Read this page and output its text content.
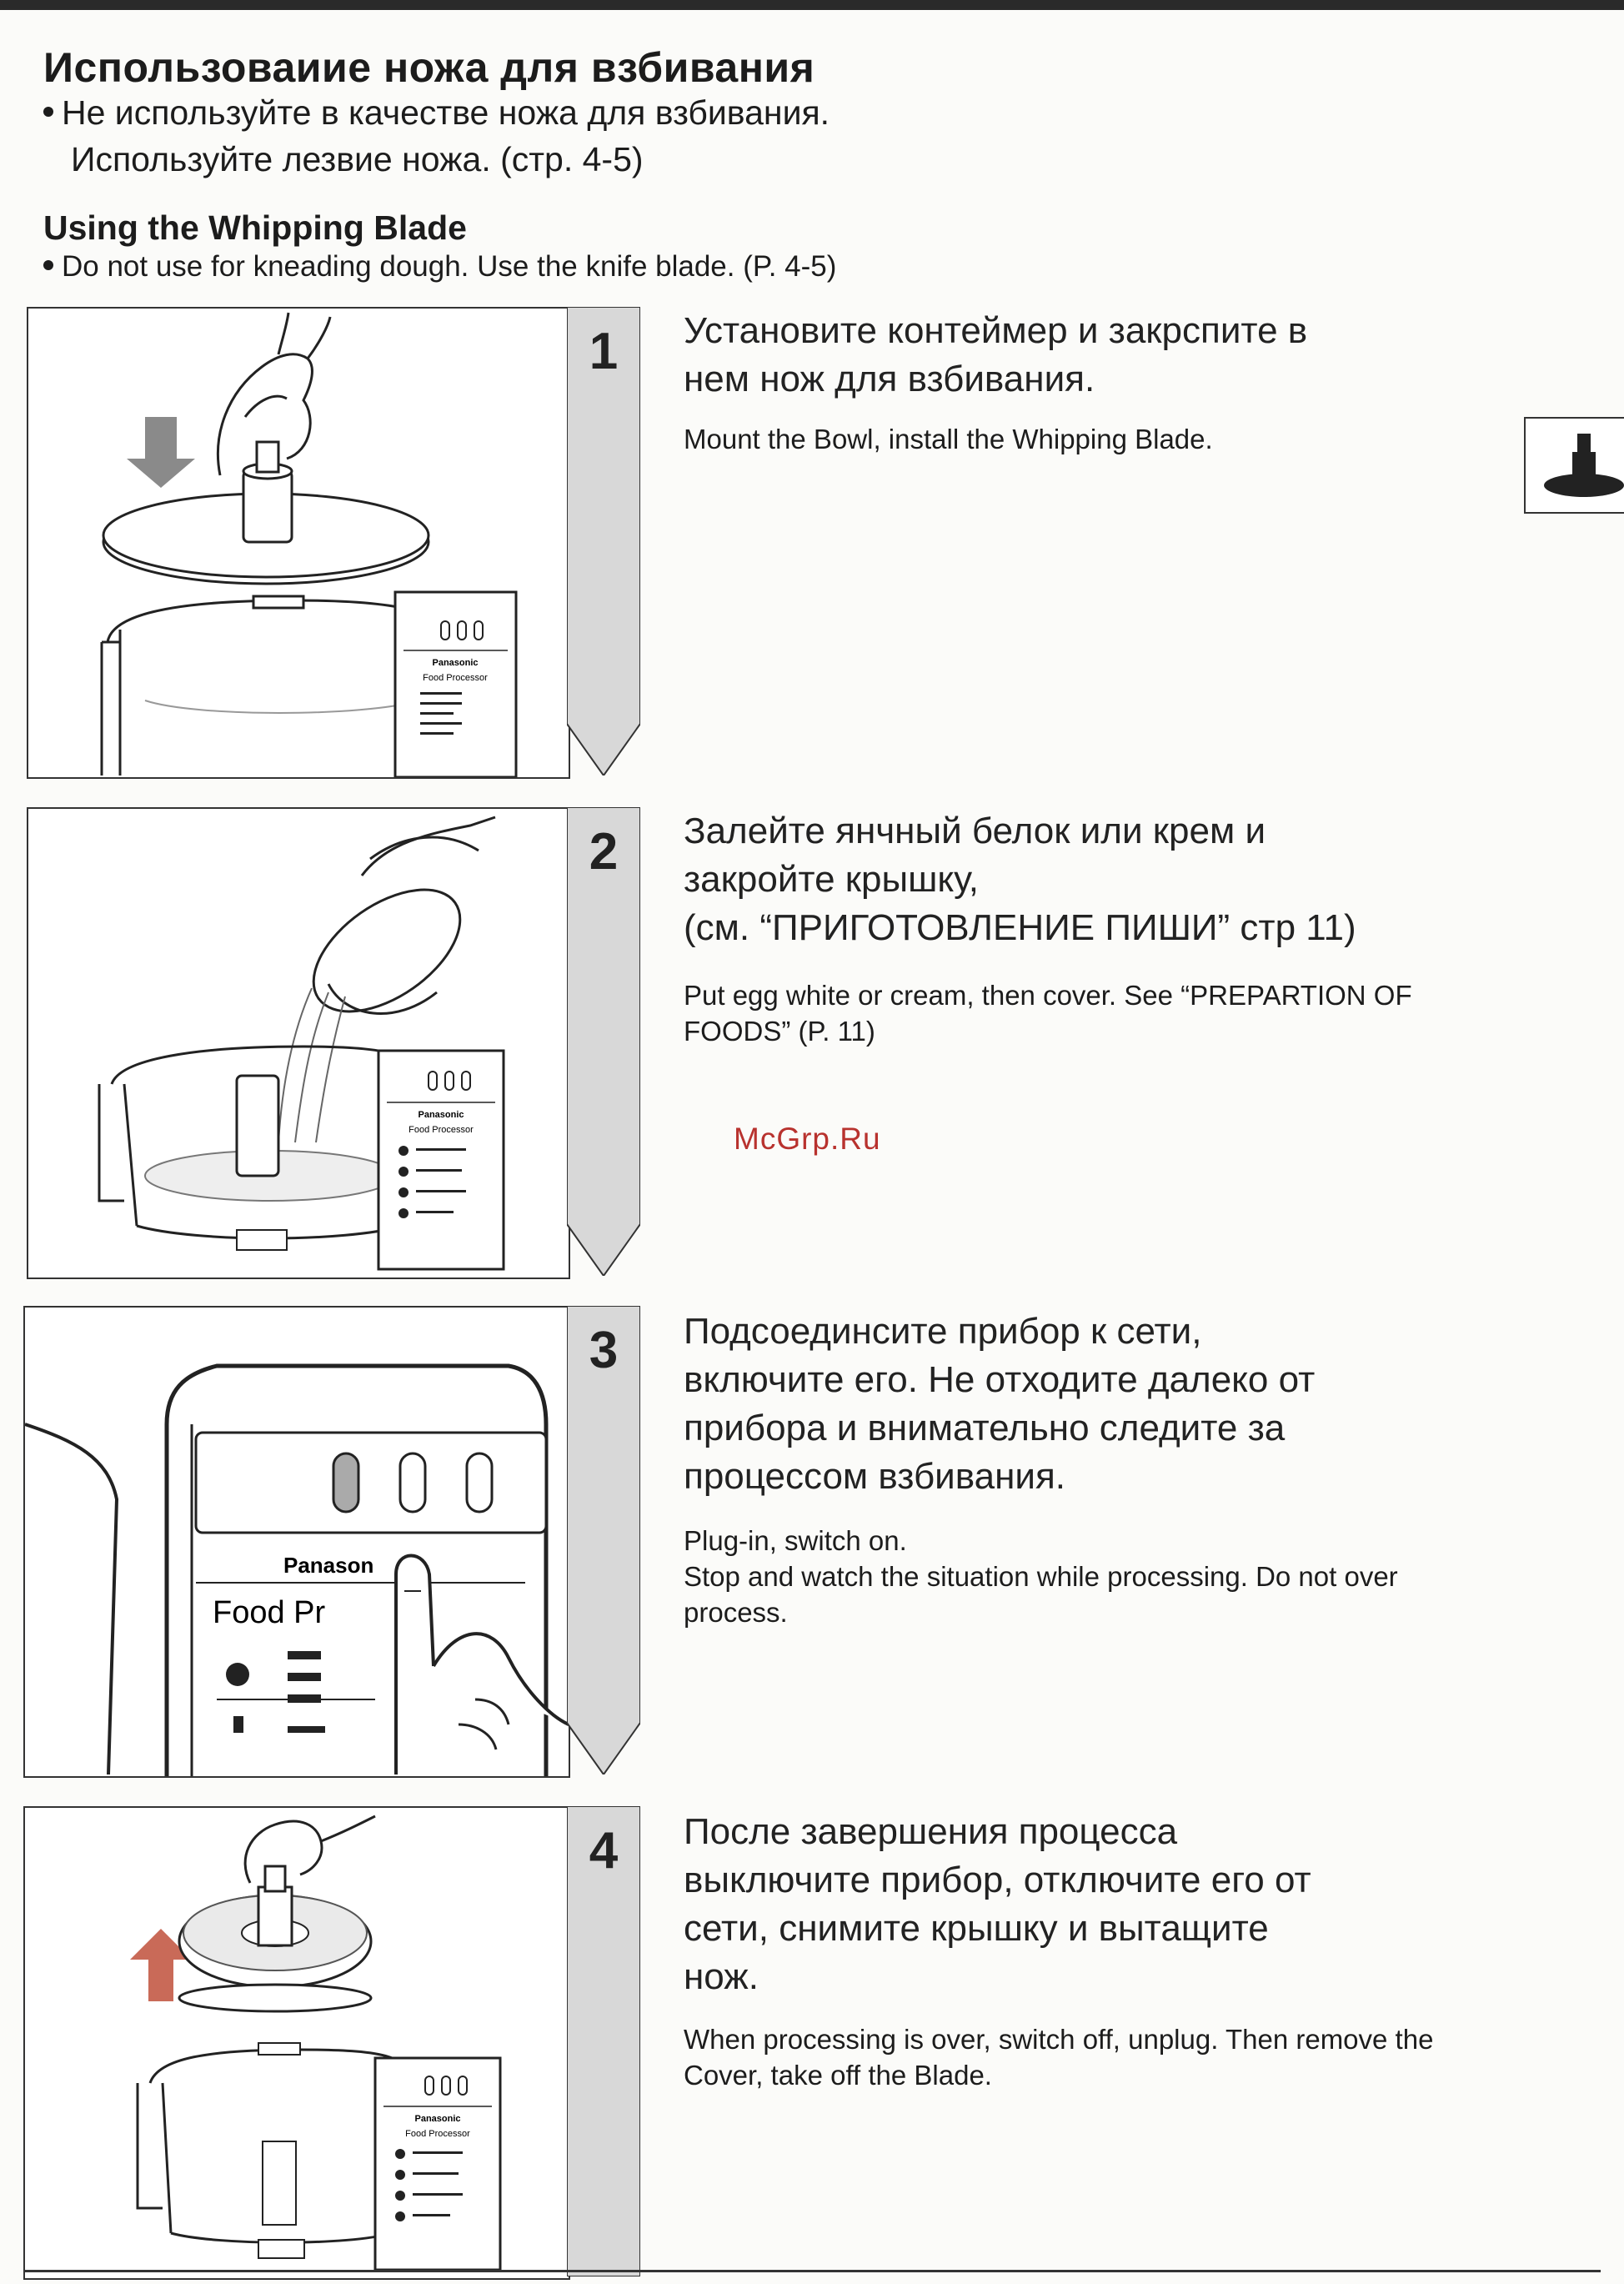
Использоваиие ножа для взбивания
Не используйте в качестве ножа для взбивания.
Используйте лезвие ножа. (стр. 4-5)
Using the Whipping Blade
Do not use for kneading dough. Use the knife blade. (P. 4-5)
Panasonic
Food Processor
1	Установите контеймер и закрспите в
нем нож для взбивания.
Mount the Bowl, install the Whipping Blade.
Panasonic
Food Processor
2	Залейте янчный белок или крем и
закройте крышку,
(см. “ПРИГОТОВЛЕНИЕ ПИШИ” стр 11)
Put egg white or cream, then cover. See “PREPARTION OF
FOODS” (P. 11)
McGrp.Ru
Panason
Food Pr
3	Подсоединсите прибор к сети,
включите его. Не отходите далеко от
прибора и внимательно следите за
процессом взбивания.
Plug-in, switch on.
Stop and watch the situation while processing. Do not over
process.
Panasonic
Food Processor
4	После завершения процесса
выключите прибор, отключите его от
сети, снимите крышку и вытащите
нож.
When processing is over, switch off, unplug. Then remove the
Cover, take off the Blade.
